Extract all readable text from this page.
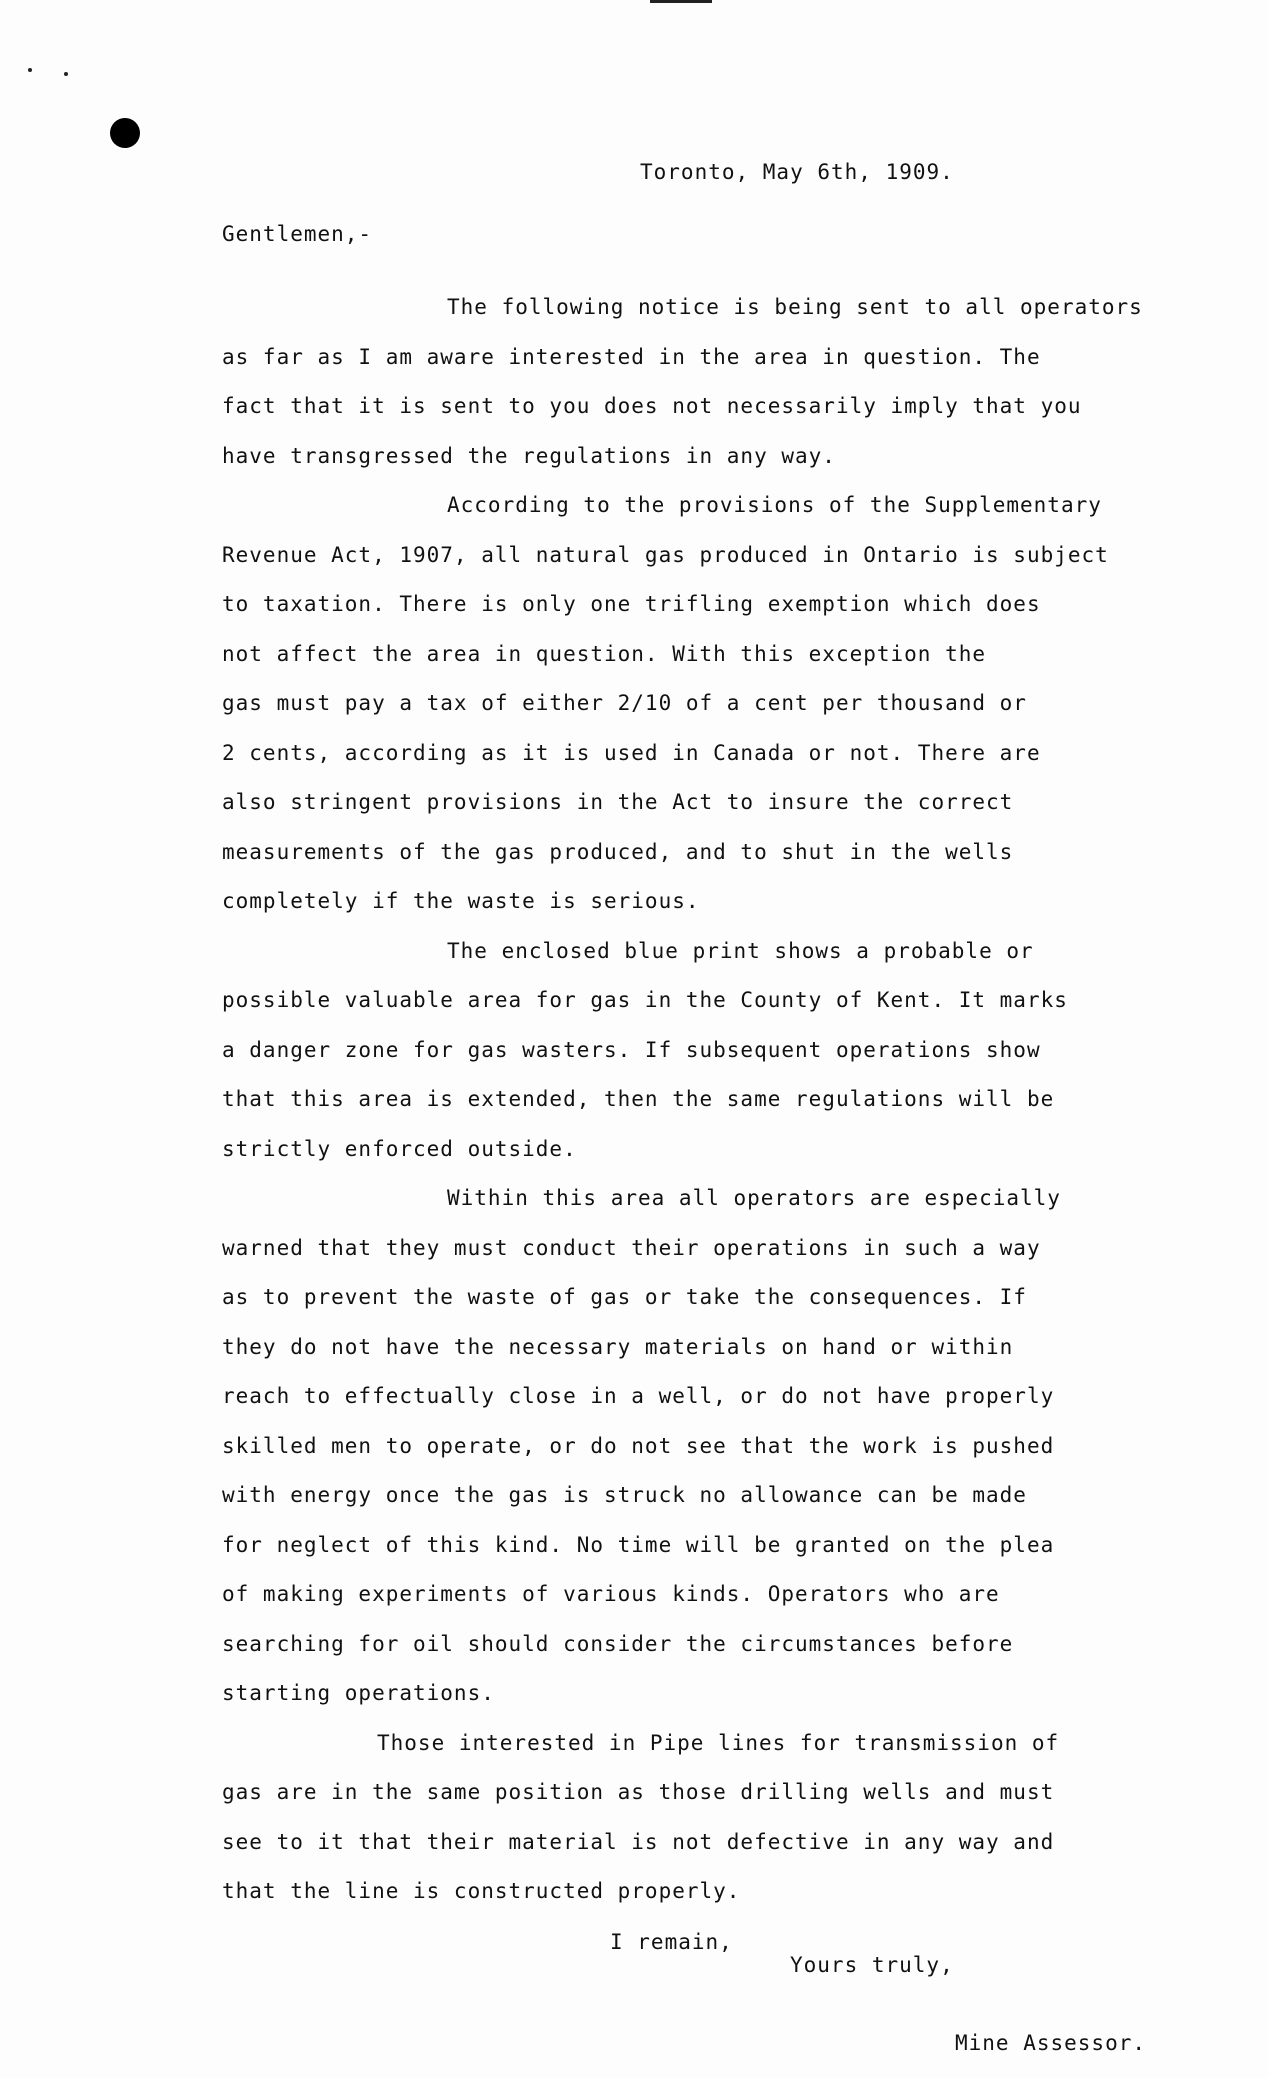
Toronto, May 6th, 1909.
Gentlemen,-
The following notice is being sent to all operators
as far as I am aware interested in the area in question. The
fact that it is sent to you does not necessarily imply that you
have transgressed the regulations in any way.
According to the provisions of the Supplementary
Revenue Act, 1907, all natural gas produced in Ontario is subject
to taxation. There is only one trifling exemption which does
not affect the area in question. With this exception the
gas must pay a tax of either 2/10 of a cent per thousand or
2 cents, according as it is used in Canada or not. There are
also stringent provisions in the Act to insure the correct
measurements of the gas produced, and to shut in the wells
completely if the waste is serious.
The enclosed blue print shows a probable or
possible valuable area for gas in the County of Kent. It marks
a danger zone for gas wasters. If subsequent operations show
that this area is extended, then the same regulations will be
strictly enforced outside.
Within this area all operators are especially
warned that they must conduct their operations in such a way
as to prevent the waste of gas or take the consequences. If
they do not have the necessary materials on hand or within
reach to effectually close in a well, or do not have properly
skilled men to operate, or do not see that the work is pushed
with energy once the gas is struck no allowance can be made
for neglect of this kind. No time will be granted on the plea
of making experiments of various kinds. Operators who are
searching for oil should consider the circumstances before
starting operations.
Those interested in Pipe lines for transmission of
gas are in the same position as those drilling wells and must
see to it that their material is not defective in any way and
that the line is constructed properly.
I remain,
Yours truly,
Mine Assessor.
